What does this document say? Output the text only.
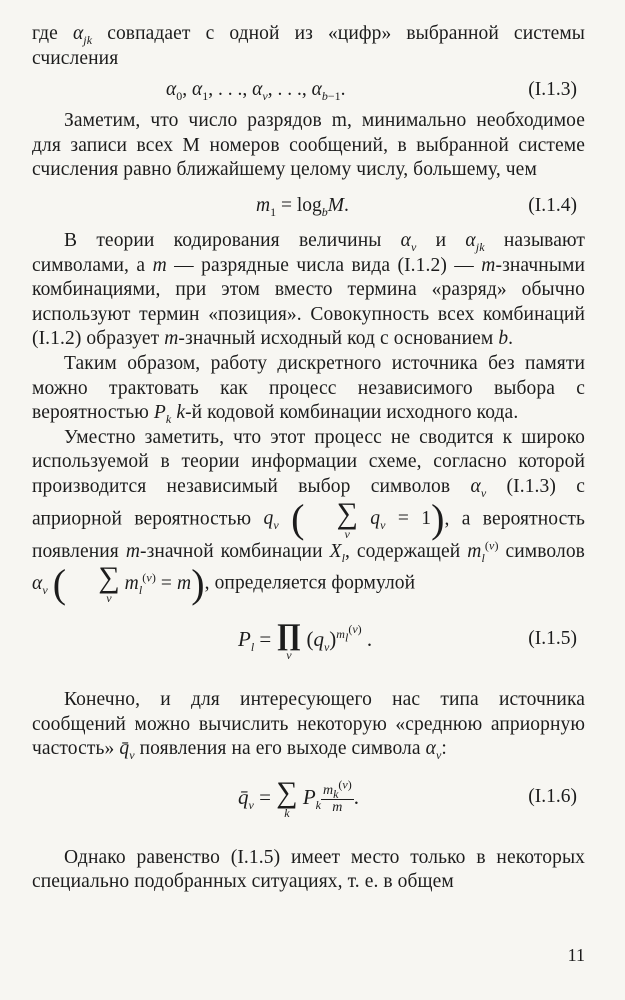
где $\alpha_{jk}$ совпадает с одной из «цифр» выбранной системы счисления

$\alpha_0$, $\alpha_1$, . . ., $\alpha_v$, . . ., $\alpha_{b-1}$.	(I.1.3)

Заметим, что число разрядов m, минимально необходимое для записи всех M номеров сообщений, в выбранной системе счисления равно ближайшему целому числу, большему, чем

$m_1 = \log_bM$.	(I.1.4)

В теории кодирования величины $\alpha_v$ и $\alpha_{jk}$ называют символами, а m — разрядные числа вида (I.1.2) — m-значными комбинациями, при этом вместо термина «разряд» обычно используют термин «позиция». Совокупность всех комбинаций (I.1.2) образует m-значный исходный код с основанием b.

Таким образом, работу дискретного источника без памяти можно трактовать как процесс независимого выбора с вероятностью $P_k$ k-й кодовой комбинации исходного кода.

Уместно заметить, что этот процесс не сводится к широко используемой в теории информации схеме, согласно которой производится независимый выбор символов $\alpha_v$ (I.1.3) с априорной вероятностью $q_v$ (	∑
v
$q_v = 1$), а вероятность появления m-значной комбинации $X_l$, содержащей $m_l^{(v)}$ символов $\alpha_v$ (	∑
v
$m_l^{(v)} = m$), определяется формулой

$P_l$ = ∏
v
$(q_v)^{m_l^{(v)}}$ .	(I.1.5)

Конечно, и для интересующего нас типа источника сообщений можно вычислить некоторую «среднюю априорную частость» $q̄_v$ появления на его выходе символа $\alpha_v$:

$q̄_v$ = ∑
k
$P_k \frac{m_k^{(v)}}{m}$ .	(I.1.6)

Однако равенство (I.1.5) имеет место только в некоторых специально подобранных ситуациях, т. е. в общем

11
